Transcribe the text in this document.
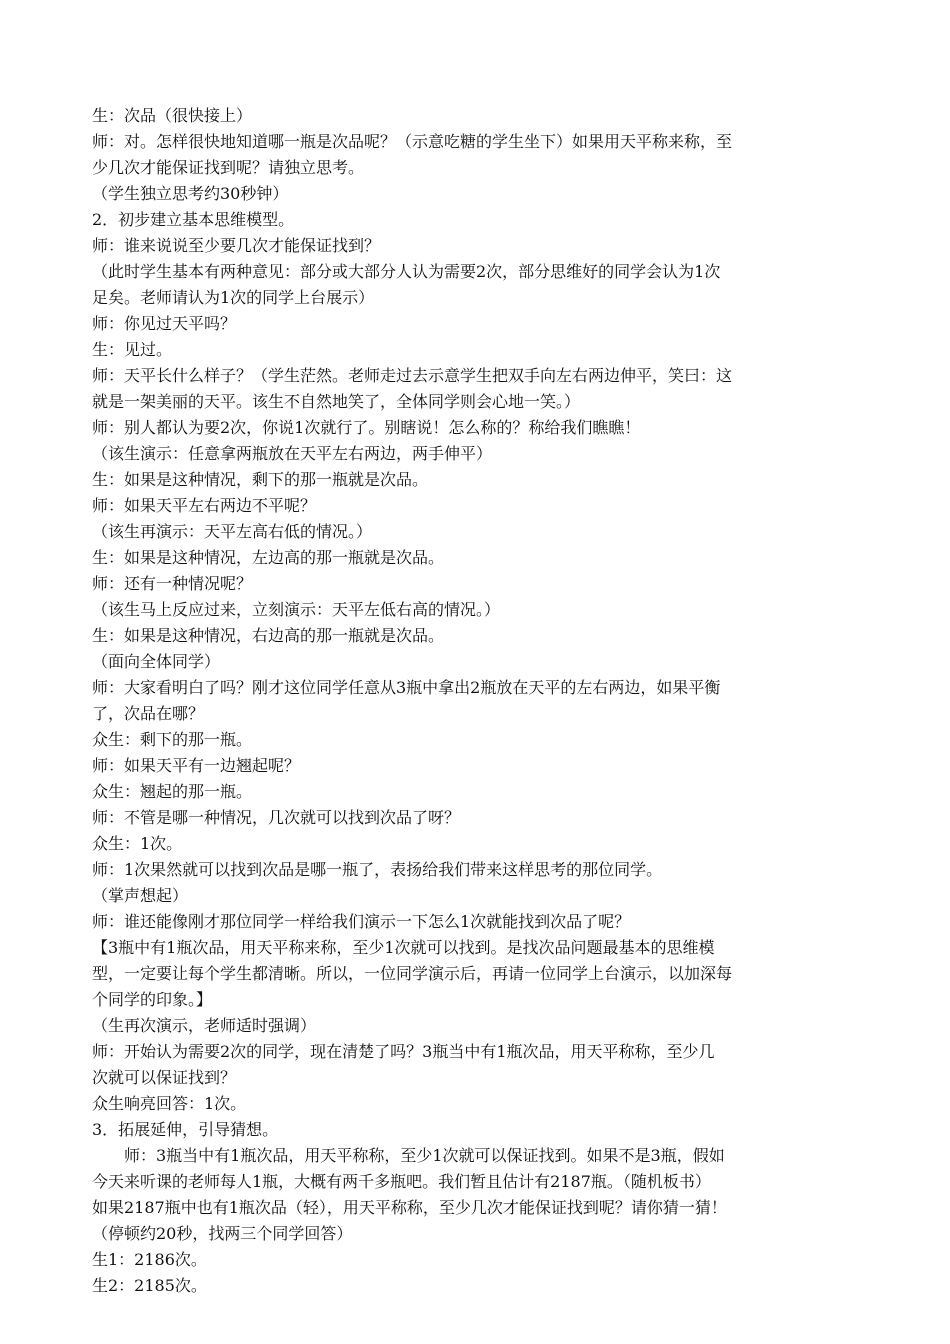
生：次品（很快接上）
师：对。怎样很快地知道哪一瓶是次品呢？（示意吃糖的学生坐下）如果用天平称来称，至
少几次才能保证找到呢？请独立思考。
（学生独立思考约30秒钟）
2．初步建立基本思维模型。
师：谁来说说至少要几次才能保证找到？
（此时学生基本有两种意见：部分或大部分人认为需要2次，部分思维好的同学会认为1次
足矣。老师请认为1次的同学上台展示）
师：你见过天平吗？
生：见过。
师：天平长什么样子？（学生茫然。老师走过去示意学生把双手向左右两边伸平，笑曰：这
就是一架美丽的天平。该生不自然地笑了，全体同学则会心地一笑。）
师：别人都认为要2次，你说1次就行了。别瞎说！怎么称的？称给我们瞧瞧！
（该生演示：任意拿两瓶放在天平左右两边，两手伸平）
生：如果是这种情况，剩下的那一瓶就是次品。
师：如果天平左右两边不平呢？
（该生再演示：天平左高右低的情况。）
生：如果是这种情况，左边高的那一瓶就是次品。
师：还有一种情况呢？
（该生马上反应过来，立刻演示：天平左低右高的情况。）
生：如果是这种情况，右边高的那一瓶就是次品。
（面向全体同学）
师：大家看明白了吗？刚才这位同学任意从3瓶中拿出2瓶放在天平的左右两边，如果平衡
了，次品在哪？
众生：剩下的那一瓶。
师：如果天平有一边翘起呢？
众生：翘起的那一瓶。
师：不管是哪一种情况，几次就可以找到次品了呀？
众生：1次。
师：1次果然就可以找到次品是哪一瓶了，表扬给我们带来这样思考的那位同学。
（掌声想起）
师：谁还能像刚才那位同学一样给我们演示一下怎么1次就能找到次品了呢？
【3瓶中有1瓶次品，用天平称来称，至少1次就可以找到。是找次品问题最基本的思维模
型，一定要让每个学生都清晰。所以，一位同学演示后，再请一位同学上台演示，以加深每
个同学的印象。】
（生再次演示，老师适时强调）
师：开始认为需要2次的同学，现在清楚了吗？3瓶当中有1瓶次品，用天平称称，至少几
次就可以保证找到？
众生响亮回答：1次。
3．拓展延伸，引导猜想。
师：3瓶当中有1瓶次品，用天平称称，至少1次就可以保证找到。如果不是3瓶，假如
今天来听课的老师每人1瓶，大概有两千多瓶吧。我们暂且估计有2187瓶。（随机板书）
如果2187瓶中也有1瓶次品（轻），用天平称称，至少几次才能保证找到呢？请你猜一猜！
（停顿约20秒，找两三个同学回答）
生1：2186次。
生2：2185次。
